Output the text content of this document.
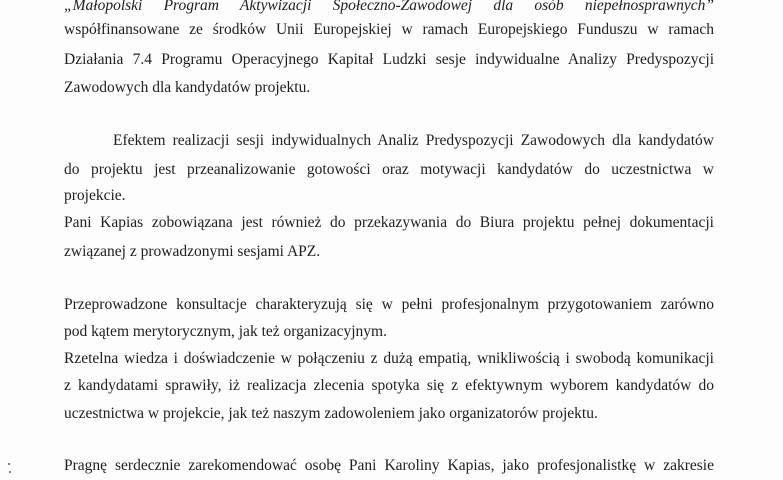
„Małopolski Program Aktywizacji Społeczno-Zawodowej dla osób niepełnosprawnych”

współfinansowane ze środków Unii Europejskiej w ramach Europejskiego Funduszu w ramach

Działania 7.4 Programu Operacyjnego Kapitał Ludzki sesje indywidualne Analizy Predyspozycji

Zawodowych dla kandydatów projektu.

Efektem realizacji sesji indywidualnych Analiz Predyspozycji Zawodowych dla kandydatów

do projektu jest przeanalizowanie gotowości oraz motywacji kandydatów do uczestnictwa w

projekcie.

Pani Kapias zobowiązana jest również do przekazywania do Biura projektu pełnej dokumentacji

związanej z prowadzonymi sesjami APZ.

Przeprowadzone konsultacje charakteryzują się w pełni profesjonalnym przygotowaniem zarówno

pod kątem merytorycznym, jak też organizacyjnym.

Rzetelna wiedza i doświadczenie w połączeniu z dużą empatią, wnikliwością i swobodą komunikacji

z kandydatami sprawiły, iż realizacja zlecenia spotyka się z efektywnym wyborem kandydatów do

uczestnictwa w projekcie, jak też naszym zadowoleniem jako organizatorów projektu.

Pragnę serdecznie zarekomendować osobę Pani Karoliny Kapias, jako profesjonalistkę w zakresie
